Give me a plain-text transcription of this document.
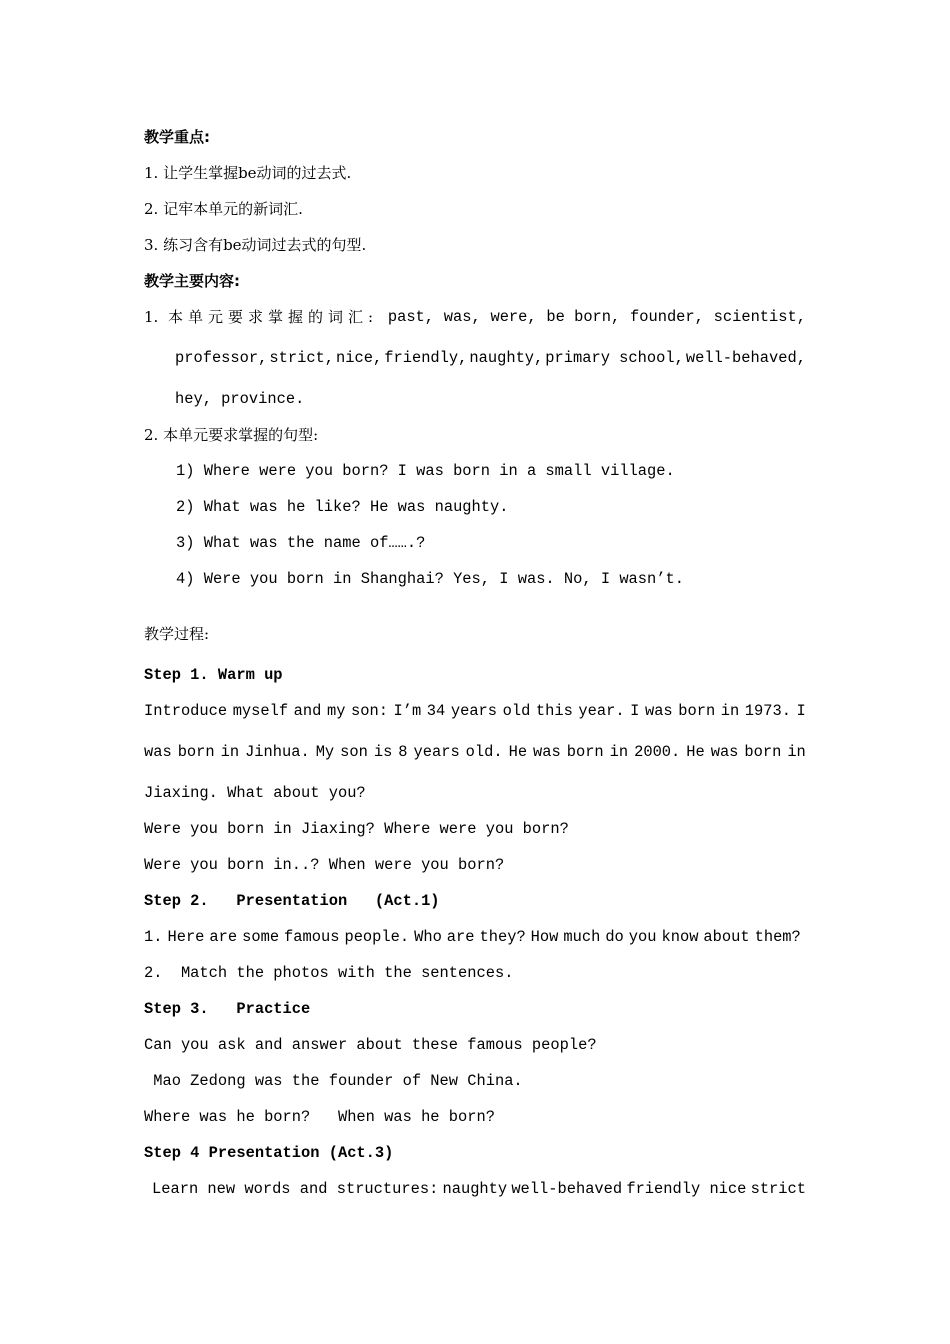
教学重点:

1. 让学生掌握be动词的过去式.

2. 记牢本单元的新词汇.

3. 练习含有be动词过去式的句型.

教学主要内容:

1. 本单元要求掌握的词汇: past, was, were, be born, founder, scientist,
professor, strict, nice, friendly, naughty, primary school, well-behaved,

hey, province.

2. 本单元要求掌握的句型:

1) Where were you born? I was born in a small village.

2) What was he like? He was naughty.

3) What was the name of…….?

4) Were you born in Shanghai? Yes, I was. No, I wasn’t.

教学过程:

Step 1. Warm up

Introduce myself and my son: I’m 34 years old this year. I was born in 1973. I
was born in Jinhua. My son is 8 years old. He was born in 2000. He was born in

Jiaxing. What about you?

Were you born in Jiaxing? Where were you born?

Were you born in..? When were you born?

Step 2.   Presentation   (Act.1)

1. Here are some famous people. Who are they? How much do you know about them?

2.  Match the photos with the sentences.

Step 3.   Practice

Can you ask and answer about these famous people?

Mao Zedong was the founder of New China.

Where was he born?   When was he born?

Step 4 Presentation (Act.3)

Learn new words and structures: naughty well-behaved friendly nice strict
